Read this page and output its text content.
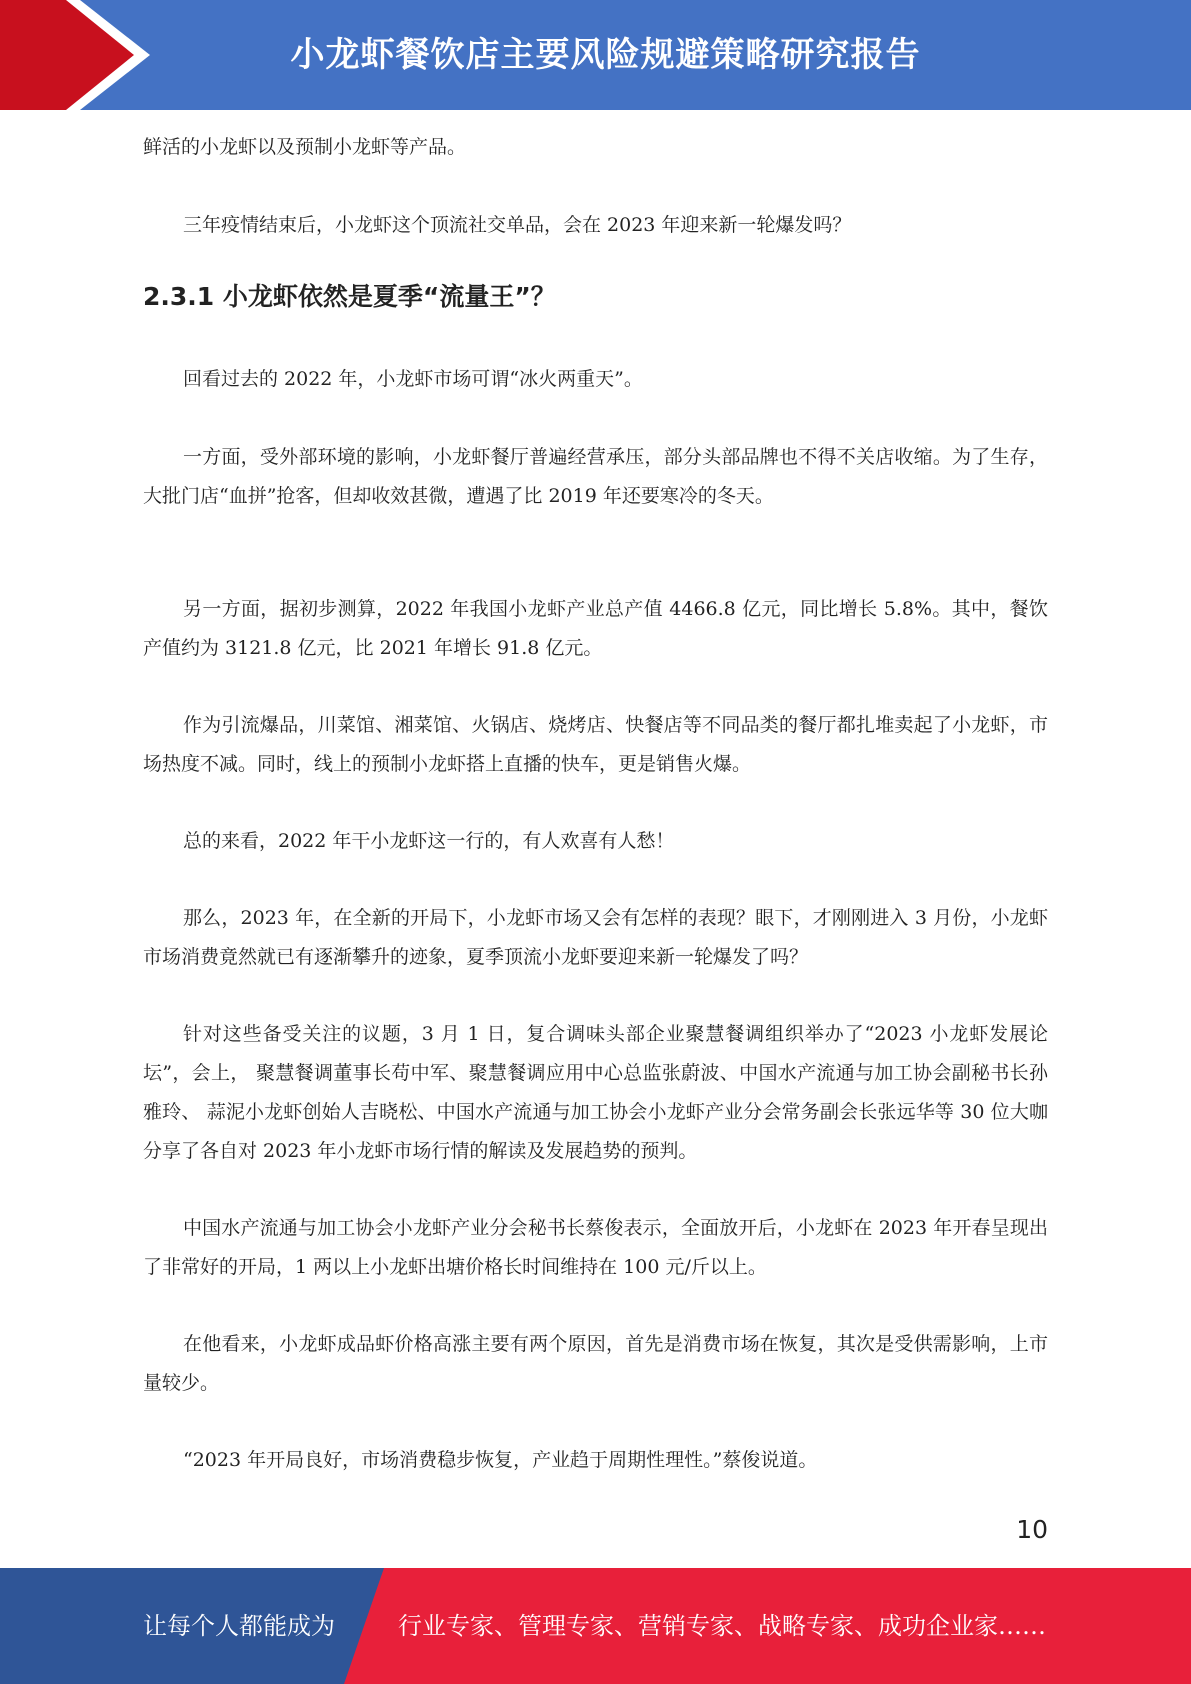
小龙虾餐饮店主要风险规避策略研究报告

鲜活的小龙虾以及预制小龙虾等产品。

三年疫情结束后，小龙虾这个顶流社交单品，会在 2023 年迎来新一轮爆发吗？

2.3.1 小龙虾依然是夏季“流量王”？

回看过去的 2022 年，小龙虾市场可谓“冰火两重天”。

一方面，受外部环境的影响，小龙虾餐厅普遍经营承压，部分头部品牌也不得不关店收缩。为了生存，大批门店“血拼”抢客，但却收效甚微，遭遇了比 2019 年还要寒冷的冬天。

另一方面，据初步测算，2022 年我国小龙虾产业总产值 4466.8 亿元，同比增长 5.8%。其中，餐饮产值约为 3121.8 亿元，比 2021 年增长 91.8 亿元。

作为引流爆品，川菜馆、湘菜馆、火锅店、烧烤店、快餐店等不同品类的餐厅都扎堆卖起了小龙虾，市场热度不减。同时，线上的预制小龙虾搭上直播的快车，更是销售火爆。

总的来看，2022 年干小龙虾这一行的，有人欢喜有人愁！

那么，2023 年，在全新的开局下，小龙虾市场又会有怎样的表现？眼下，才刚刚进入 3 月份，小龙虾市场消费竟然就已有逐渐攀升的迹象，夏季顶流小龙虾要迎来新一轮爆发了吗？

针对这些备受关注的议题，3 月 1 日，复合调味头部企业聚慧餐调组织举办了“2023 小龙虾发展论坛”，会上， 聚慧餐调董事长苟中军、聚慧餐调应用中心总监张蔚波、中国水产流通与加工协会副秘书长孙雅玲、 蒜泥小龙虾创始人吉晓松、中国水产流通与加工协会小龙虾产业分会常务副会长张远华等 30 位大咖分享了各自对 2023 年小龙虾市场行情的解读及发展趋势的预判。

中国水产流通与加工协会小龙虾产业分会秘书长蔡俊表示，全面放开后，小龙虾在 2023 年开春呈现出了非常好的开局，1 两以上小龙虾出塘价格长时间维持在 100 元/斤以上。

在他看来，小龙虾成品虾价格高涨主要有两个原因，首先是消费市场在恢复，其次是受供需影响，上市量较少。

“2023 年开局良好，市场消费稳步恢复，产业趋于周期性理性。”蔡俊说道。

10
让每个人都能成为	行业专家、管理专家、营销专家、战略专家、成功企业家……
